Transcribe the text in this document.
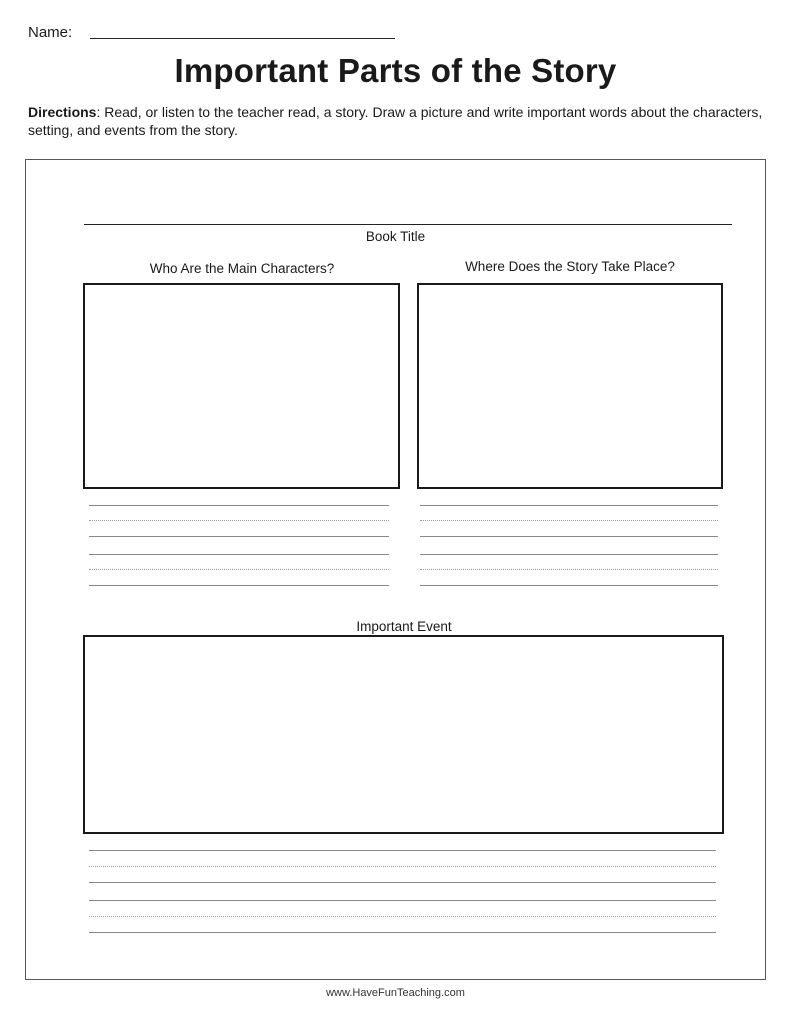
Name:
Important Parts of the Story
Directions: Read, or listen to the teacher read, a story. Draw a picture and write important words about the characters, setting, and events from the story.
Book Title
Who Are the Main Characters?	Where Does the Story Take Place?
Important Event
www.HaveFunTeaching.com
